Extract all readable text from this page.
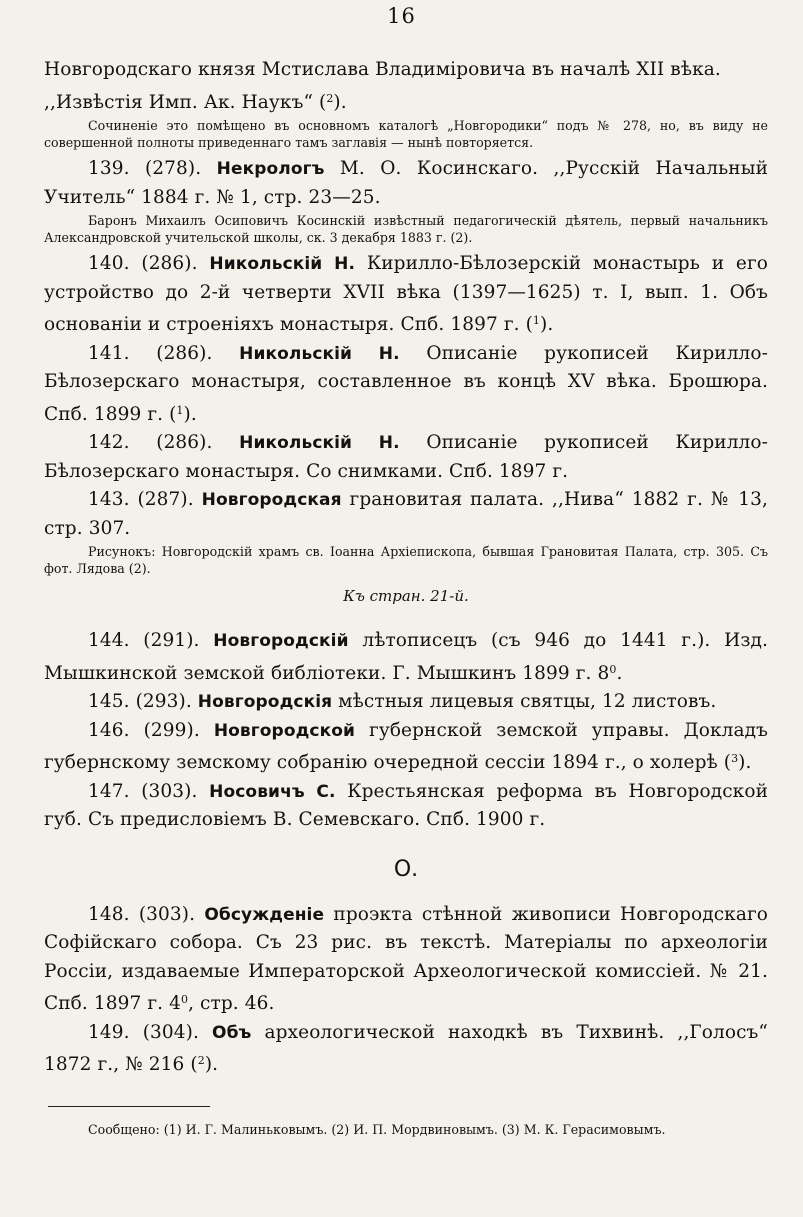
16
Новгородскаго князя Мстислава Владимiровича въ началѣ XII вѣка.
,,Извѣстiя Имп. Ак. Наукъ“ ($^2$).
Сочиненiе это помѣщено въ основномъ каталогѣ „Новгородики“ подъ № 278, но, въ виду не совершенной полноты приведеннаго тамъ заглавiя — нынѣ повторяется.
139. (278). Некрологъ М. О. Косинскаго. ,,Русскiй Начальный Учитель“ 1884 г. № 1, стр. 23—25.
Баронъ Михаилъ Осиповичъ Косинскiй извѣстный педагогическiй дѣятель, первый начальникъ Александровской учительской школы, ск. 3 декабря 1883 г. (2).
140. (286). Никольскiй Н. Кирилло-Бѣлозерскiй монастырь и его устройство до 2-й четверти XVII вѣка (1397—1625) т. I, вып. 1. Объ основанiи и строенiяхъ монастыря. Спб. 1897 г. ($^1$).
141. (286). Никольскiй Н. Описанiе рукописей Кирилло-Бѣлозерскаго монастыря, составленное въ концѣ XV вѣка. Брошюра. Спб. 1899 г. ($^1$).
142. (286). Никольскiй Н. Описанiе рукописей Кирилло-Бѣлозерскаго монастыря. Со снимками. Спб. 1897 г.
143. (287). Новгородская грановитая палата. ,,Нива“ 1882 г. № 13, стр. 307.
Рисунокъ: Новгородскiй храмъ св. Iоанна Архiепископа, бывшая Грановитая Палата, стр. 305. Съ фот. Лядова (2).
Къ стран. 21-й.
144. (291). Новгородскiй лѣтописецъ (съ 946 до 1441 г.). Изд. Мышкинской земской библiотеки. Г. Мышкинъ 1899 г. $8^0$.
145. (293). Новгородскiя мѣстныя лицевыя святцы, 12 листовъ.
146. (299). Новгородской губернской земской управы. Докладъ губернскому земскому собранiю очередной сессiи 1894 г., о холерѣ ($^3$).
147. (303). Носовичъ С. Крестьянская реформа въ Новгородской губ. Съ предисловiемъ В. Семевскаго. Спб. 1900 г.
О.
148. (303). Обсужденiе проэкта стѣнной живописи Новгородскаго Софiйскаго собора. Съ 23 рис. въ текстѣ. Матерiалы по археологiи Россiи, издаваемые Императорской Археологической комиссiей. № 21. Спб. 1897 г. $4^0$, стр. 46.
149. (304). Объ археологической находкѣ въ Тихвинѣ. ,,Голосъ“ 1872 г., № 216 ($^2$).
Сообщено: (1) И. Г. Малиньковымъ. (2) И. П. Мордвиновымъ. (3) М. К. Герасимовымъ.
